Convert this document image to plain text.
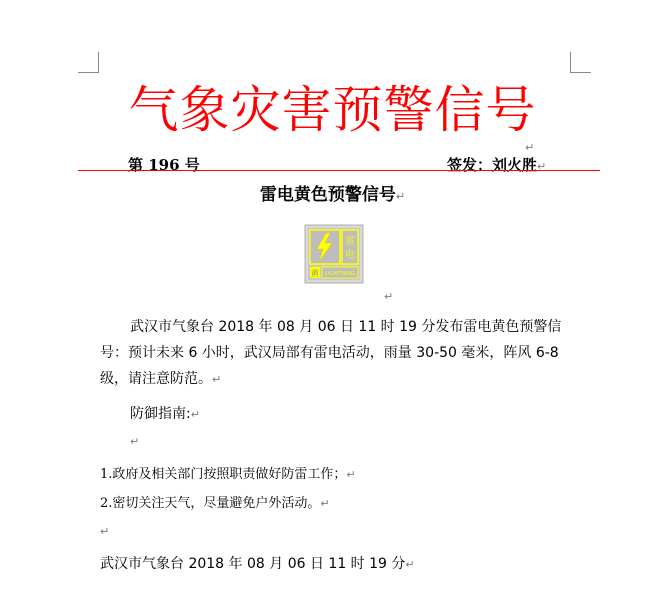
气象灾害预警信号
↵
第 196 号	签发：刘火胜↵
雷电黄色预警信号↵
雷
电
黄 LIGHTNING
↵
武汉市气象台 2018 年 08 月 06 日 11 时 19 分发布雷电黄色预警信号：预计未来 6 小时，武汉局部有雷电活动，雨量 30-50 毫米，阵风 6-8 级，请注意防范。↵
防御指南:↵
↵
1.政府及相关部门按照职责做好防雷工作；↵
2.密切关注天气，尽量避免户外活动。↵
↵
武汉市气象台 2018 年 08 月 06 日 11 时 19 分↵
